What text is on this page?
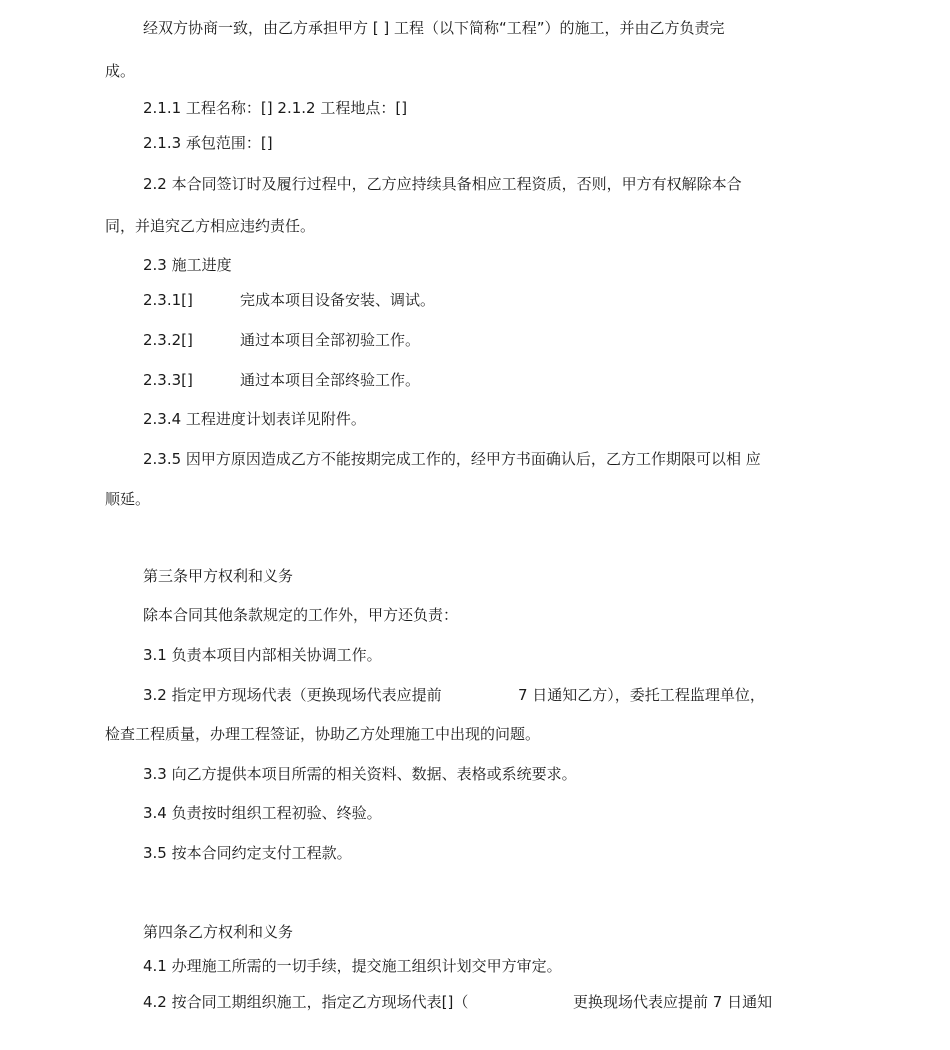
经双方协商一致，由乙方承担甲方 [ ] 工程（以下简称“工程”）的施工，并由乙方负责完
成。
2.1.1 工程名称：[] 2.1.2 工程地点：[]
2.1.3 承包范围：[]
2.2 本合同签订时及履行过程中，乙方应持续具备相应工程资质，否则，甲方有权解除本合
同，并追究乙方相应违约责任。
2.3 施工进度
2.3.1[]	完成本项目设备安装、调试。
2.3.2[]	通过本项目全部初验工作。
2.3.3[]	通过本项目全部终验工作。
2.3.4 工程进度计划表详见附件。
2.3.5 因甲方原因造成乙方不能按期完成工作的，经甲方书面确认后，乙方工作期限可以相 应
顺延。
第三条甲方权利和义务
除本合同其他条款规定的工作外，甲方还负责：
3.1 负责本项目内部相关协调工作。
3.2 指定甲方现场代表（更换现场代表应提前	7 日通知乙方），委托工程监理单位，
检查工程质量，办理工程签证，协助乙方处理施工中出现的问题。
3.3 向乙方提供本项目所需的相关资料、数据、表格或系统要求。
3.4 负责按时组织工程初验、终验。
3.5 按本合同约定支付工程款。
第四条乙方权利和义务
4.1 办理施工所需的一切手续，提交施工组织计划交甲方审定。
4.2 按合同工期组织施工，指定乙方现场代表[]（	更换现场代表应提前 7 日通知
